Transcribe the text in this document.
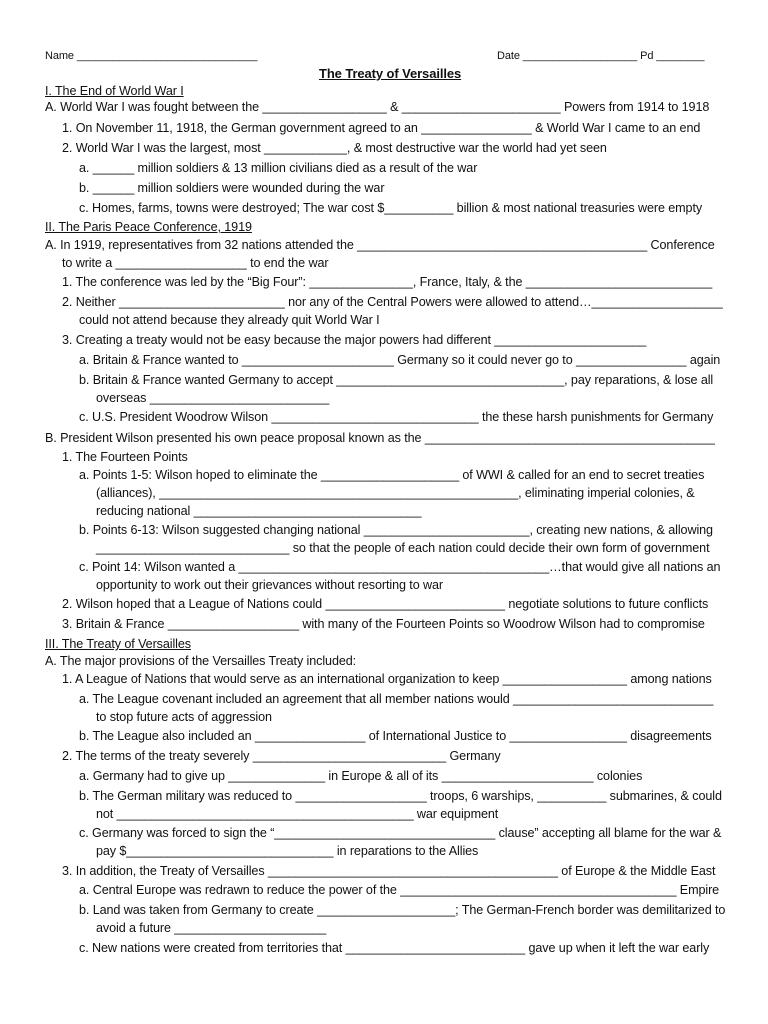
Name ______________________________	Date ___________________ Pd ________
The Treaty of Versailles
I. The End of World War I
A. World War I was fought between the __________________ & _______________________ Powers from 1914 to 1918
1. On November 11, 1918, the German government agreed to an ________________ & World War I came to an end
2. World War I was the largest, most ____________, & most destructive war the world had yet seen
a. ______ million soldiers & 13 million civilians died as a result of the war
b. ______ million soldiers were wounded during the war
c. Homes, farms, towns were destroyed; The war cost $__________ billion & most national treasuries were empty
II. The Paris Peace Conference, 1919
A. In 1919, representatives from 32 nations attended the __________________________________________ Conference
to write a ___________________ to end the war
1. The conference was led by the “Big Four”: _______________, France, Italy, & the ___________________________
2. Neither ________________________ nor any of the Central Powers were allowed to attend…___________________
could not attend because they already quit World War I
3. Creating a treaty would not be easy because the major powers had different ______________________
a. Britain & France wanted to ______________________ Germany so it could never go to ________________ again
b. Britain & France wanted Germany to accept _________________________________, pay reparations, & lose all
overseas __________________________
c. U.S. President Woodrow Wilson ______________________________ the these harsh punishments for Germany
B. President Wilson presented his own peace proposal known as the __________________________________________
1. The Fourteen Points
a. Points 1-5: Wilson hoped to eliminate the ____________________ of WWI & called for an end to secret treaties
(alliances), ____________________________________________________, eliminating imperial colonies, &
reducing national _________________________________
b. Points 6-13: Wilson suggested changing national ________________________, creating new nations, & allowing
____________________________ so that the people of each nation could decide their own form of government
c. Point 14: Wilson wanted a _____________________________________________…that would give all nations an
opportunity to work out their grievances without resorting to war
2. Wilson hoped that a League of Nations could __________________________ negotiate solutions to future conflicts
3. Britain & France ___________________ with many of the Fourteen Points so Woodrow Wilson had to compromise
III. The Treaty of Versailles
A. The major provisions of the Versailles Treaty included:
1. A League of Nations that would serve as an international organization to keep __________________ among nations
a. The League covenant included an agreement that all member nations would _____________________________
to stop future acts of aggression
b. The League also included an ________________ of International Justice to _________________ disagreements
2. The terms of the treaty severely ____________________________ Germany
a. Germany had to give up ______________ in Europe & all of its ______________________ colonies
b. The German military was reduced to ___________________ troops, 6 warships, __________ submarines, & could
not ___________________________________________ war equipment
c. Germany was forced to sign the “________________________________ clause” accepting all blame for the war &
pay $______________________________ in reparations to the Allies
3. In addition, the Treaty of Versailles __________________________________________ of Europe & the Middle East
a. Central Europe was redrawn to reduce the power of the ________________________________________ Empire
b. Land was taken from Germany to create ____________________; The German-French border was demilitarized to
avoid a future ______________________
c. New nations were created from territories that __________________________ gave up when it left the war early
